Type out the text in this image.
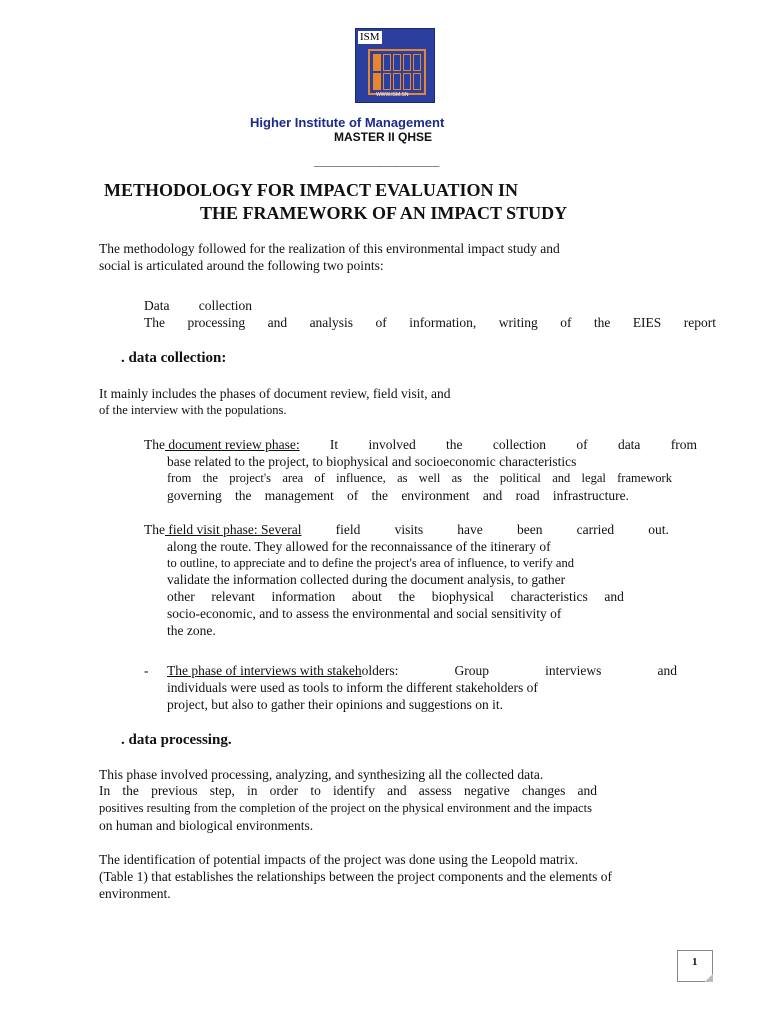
ISM
WWW.ISM.SN
Higher Institute of Management
MASTER II QHSE
______________________
METHODOLOGY FOR IMPACT EVALUATION IN
THE FRAMEWORK OF AN IMPACT STUDY
The methodology followed for the realization of this environmental impact study and
social is articulated around the following two points:
Data collection
The processing and analysis of information, writing of the EIES report
. data collection:
It mainly includes the phases of document review, field visit, and
of the interview with the populations.
The document review phase: It involved the collection of data from
base related to the project, to biophysical and socioeconomic characteristics
from the project's area of influence, as well as the political and legal framework
governing the management of the environment and road infrastructure.
The field visit phase: Several	field	visits	have	been	carried	out.
along the route. They allowed for the reconnaissance of the itinerary of
to outline, to appreciate and to define the project's area of influence, to verify and
validate the information collected during the document analysis, to gather
other relevant information about the biophysical characteristics and
socio-economic, and to assess the environmental and social sensitivity of
the zone.
- The phase of interviews with stakeholders:	Group	interviews	and
individuals were used as tools to inform the different stakeholders of
project, but also to gather their opinions and suggestions on it.
. data processing.
This phase involved processing, analyzing, and synthesizing all the collected data.
In the previous step, in order to identify and assess negative changes and
positives resulting from the completion of the project on the physical environment and the impacts
on human and biological environments.
The identification of potential impacts of the project was done using the Leopold matrix.
(Table 1) that establishes the relationships between the project components and the elements of
environment.
1
